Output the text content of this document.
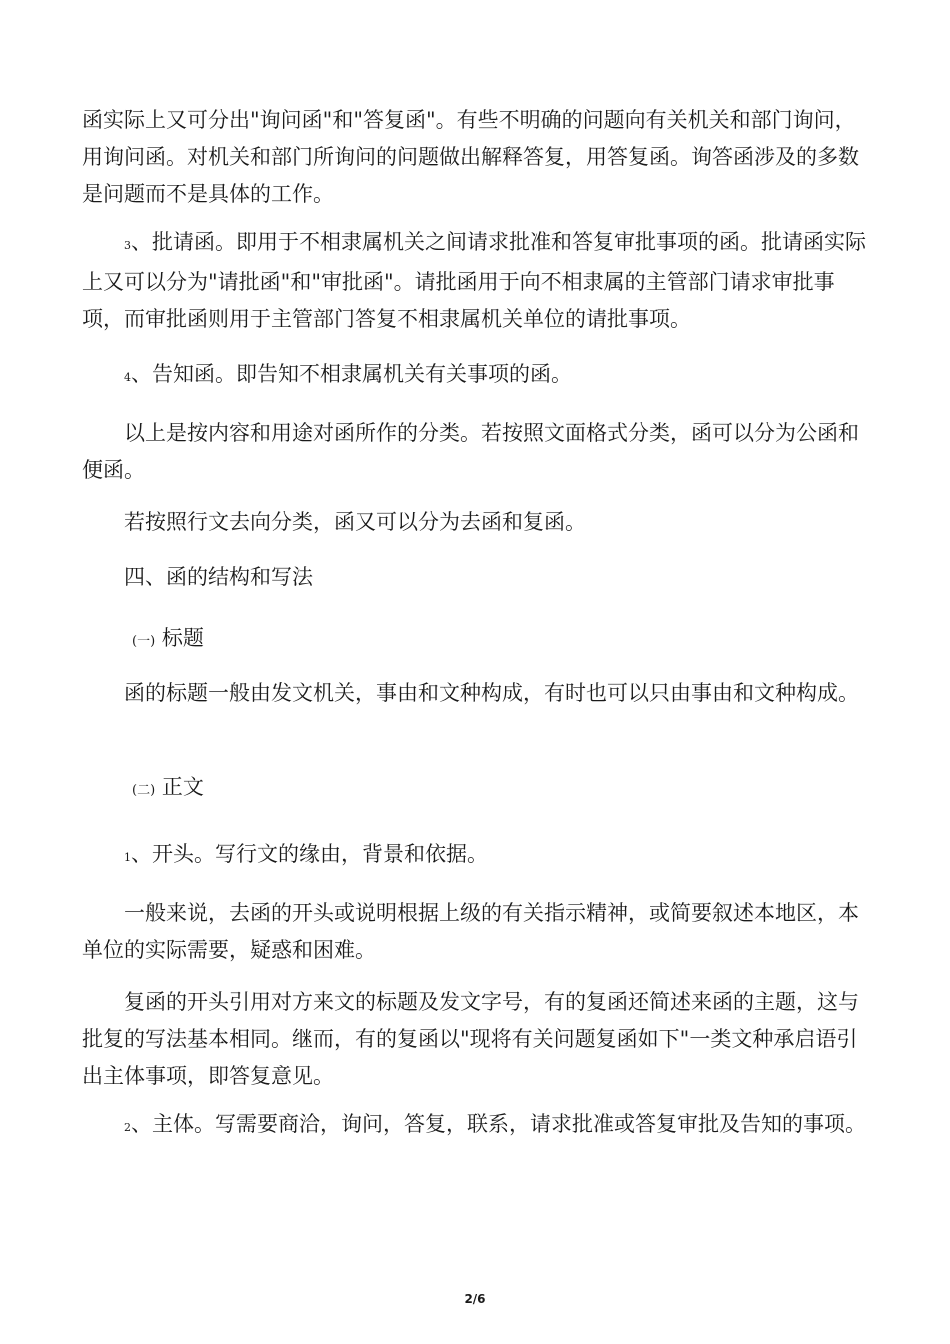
函实际上又可分出"询问函"和"答复函"。有些不明确的问题向有关机关和部门询问，用询问函。对机关和部门所询问的问题做出解释答复，用答复函。询答函涉及的多数是问题而不是具体的工作。

3、批请函。即用于不相隶属机关之间请求批准和答复审批事项的函。批请函实际上又可以分为"请批函"和"审批函"。请批函用于向不相隶属的主管部门请求审批事项，而审批函则用于主管部门答复不相隶属机关单位的请批事项。

4、告知函。即告知不相隶属机关有关事项的函。

以上是按内容和用途对函所作的分类。若按照文面格式分类，函可以分为公函和便函。

若按照行文去向分类，函又可以分为去函和复函。

四、函的结构和写法

(一) 标题

函的标题一般由发文机关，事由和文种构成，有时也可以只由事由和文种构成。

(二) 正文

1、开头。写行文的缘由，背景和依据。

一般来说，去函的开头或说明根据上级的有关指示精神，或简要叙述本地区，本单位的实际需要，疑惑和困难。

复函的开头引用对方来文的标题及发文字号，有的复函还简述来函的主题，这与批复的写法基本相同。继而，有的复函以"现将有关问题复函如下"一类文种承启语引出主体事项，即答复意见。

2、主体。写需要商洽，询问，答复，联系，请求批准或答复审批及告知的事项。

2/6
